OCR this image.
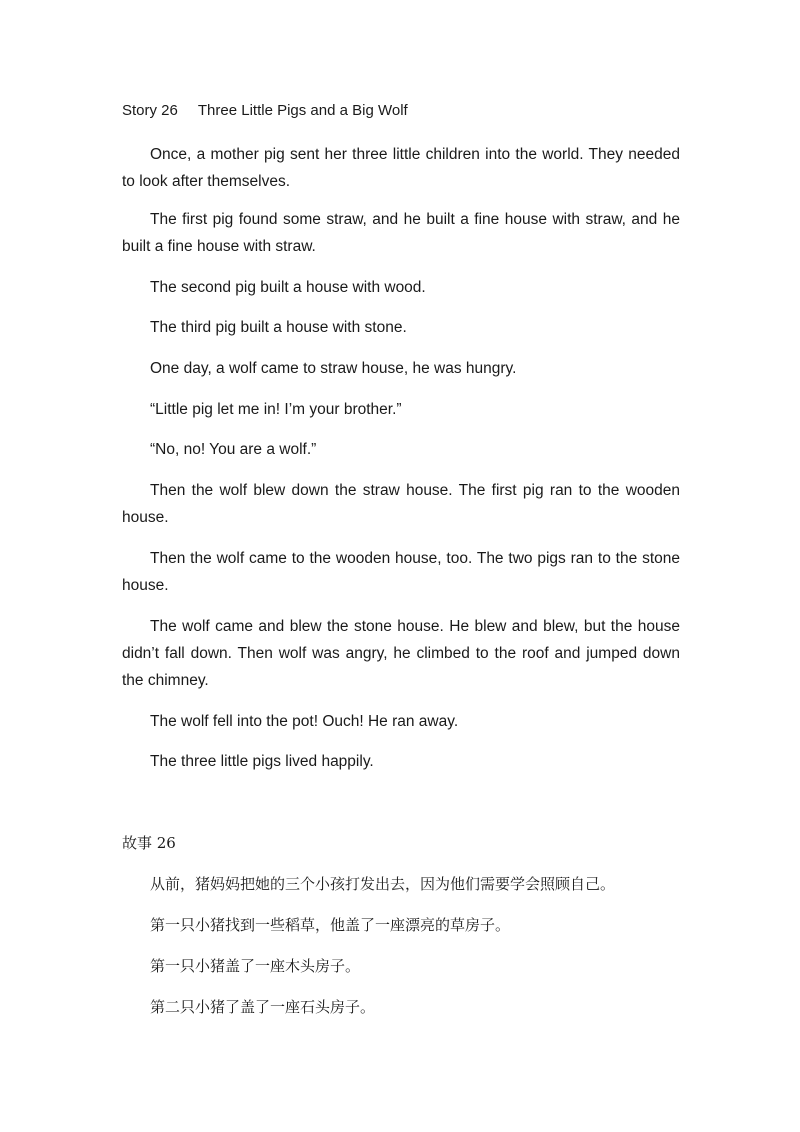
Story 26 Three Little Pigs and a Big Wolf

Once, a mother pig sent her three little children into the world. They needed to look after themselves.

The first pig found some straw, and he built a fine house with straw, and he built a fine house with straw.

The second pig built a house with wood.

The third pig built a house with stone.

One day, a wolf came to straw house, he was hungry.

“Little pig let me in! I’m your brother.”

“No, no! You are a wolf.”

Then the wolf blew down the straw house. The first pig ran to the wooden house.

Then the wolf came to the wooden house, too. The two pigs ran to the stone house.

The wolf came and blew the stone house. He blew and blew, but the house didn’t fall down. Then wolf was angry, he climbed to the roof and jumped down the chimney.

The wolf fell into the pot! Ouch! He ran away.

The three little pigs lived happily.

故事 26

从前，猪妈妈把她的三个小孩打发出去，因为他们需要学会照顾自己。

第一只小猪找到一些稻草，他盖了一座漂亮的草房子。

第一只小猪盖了一座木头房子。

第二只小猪了盖了一座石头房子。
